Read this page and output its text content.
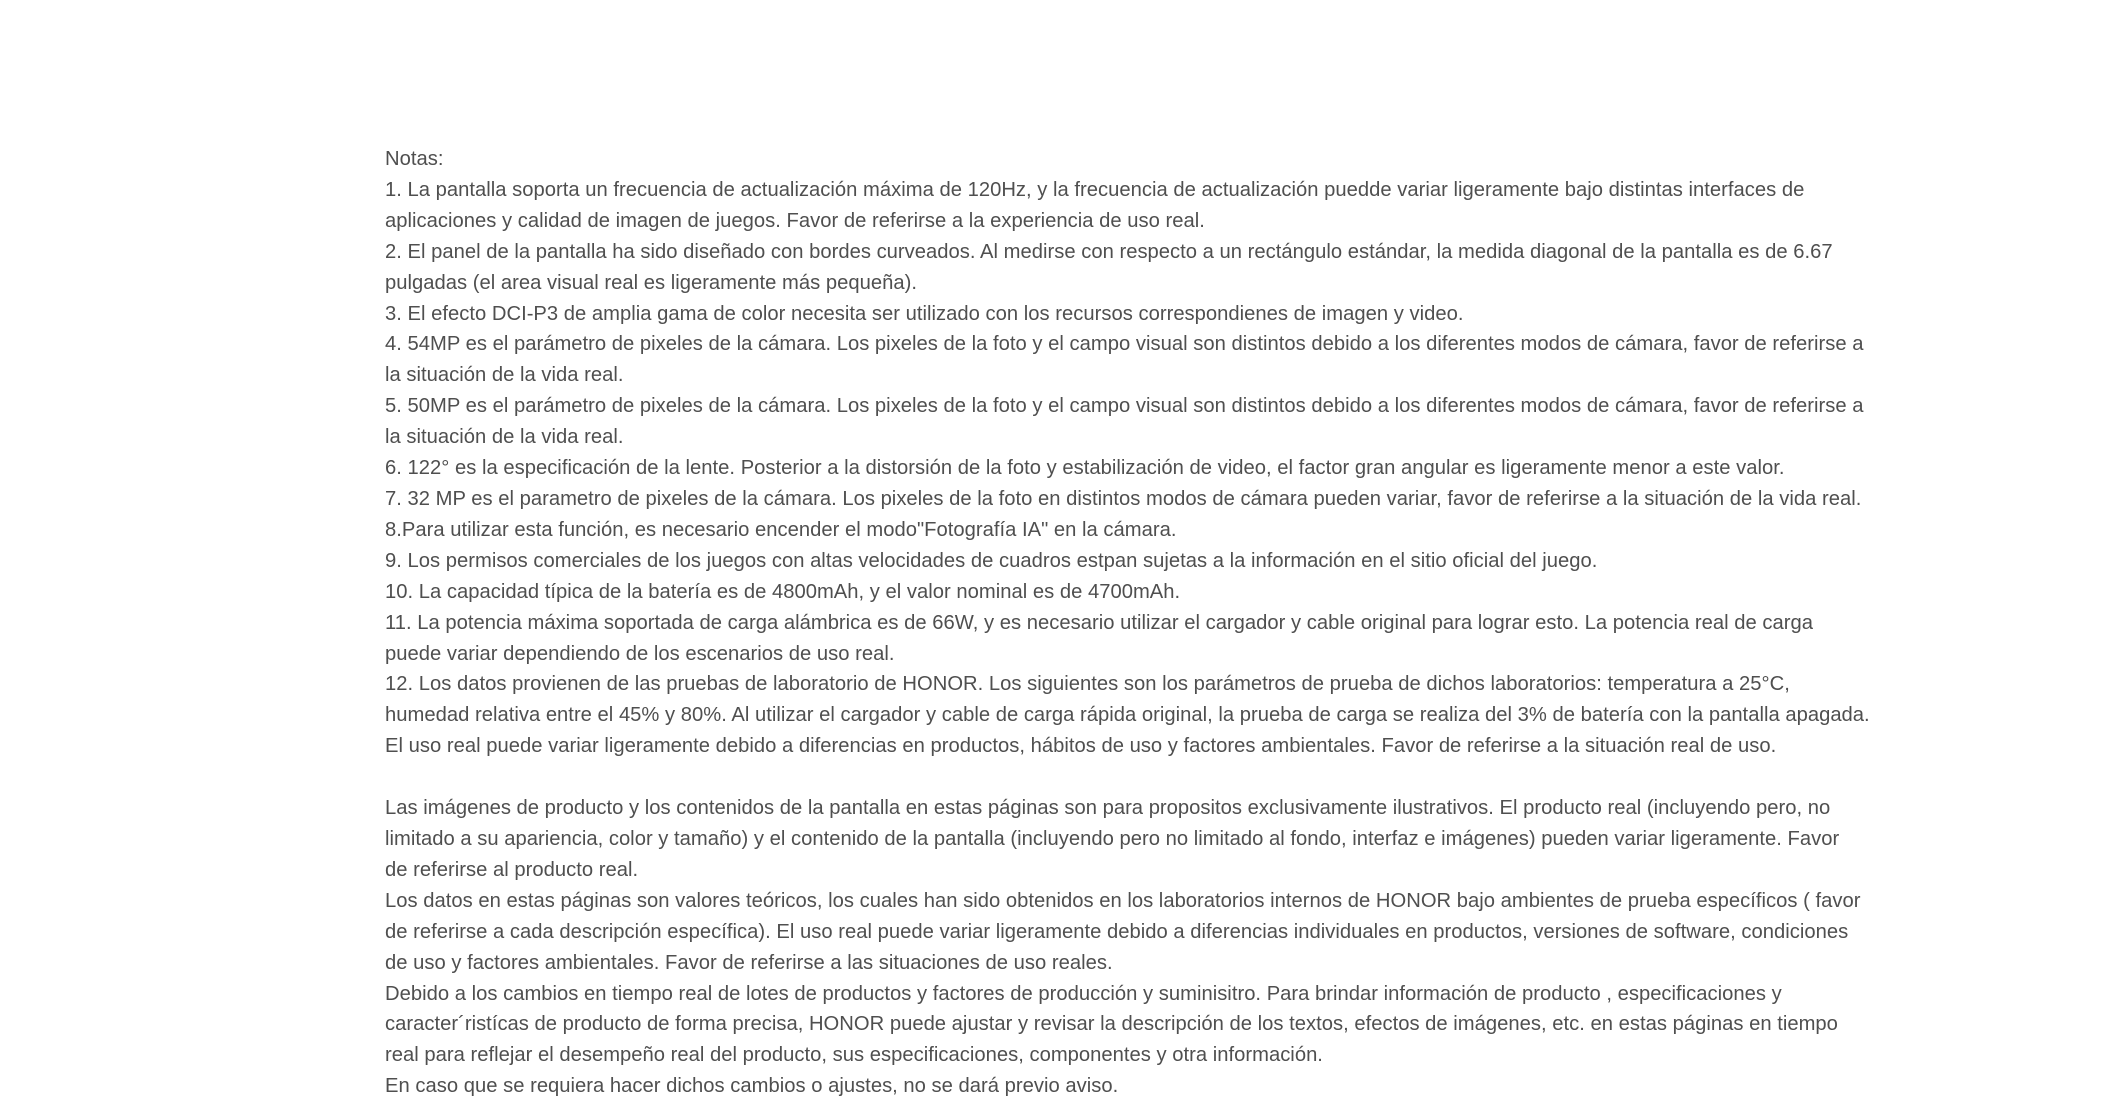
Notas:

1. La pantalla soporta un frecuencia de actualización máxima de 120Hz, y la frecuencia de actualización puedde variar ligeramente bajo distintas interfaces de

aplicaciones y calidad de imagen de juegos. Favor de referirse a la experiencia de uso real.

2. El panel de la pantalla ha sido diseñado con bordes curveados. Al medirse con respecto a un rectángulo estándar, la medida diagonal de la pantalla es de 6.67

pulgadas (el area visual real es ligeramente más pequeña).

3. El efecto DCI-P3 de amplia gama de color necesita ser utilizado con los recursos correspondienes de imagen y video.

4. 54MP es el parámetro de pixeles de la cámara. Los pixeles de la foto y el campo visual son distintos debido a los diferentes modos de cámara, favor de referirse a

la situación de la vida real.

5. 50MP es el parámetro de pixeles de la cámara. Los pixeles de la foto y el campo visual son distintos debido a los diferentes modos de cámara, favor de referirse a

la situación de la vida real.

6. 122° es la especificación de la lente. Posterior a la distorsión de la foto y estabilización de video, el factor gran angular es ligeramente menor a este valor.

7. 32 MP es el parametro de pixeles de la cámara. Los pixeles de la foto en distintos modos de cámara pueden variar, favor de referirse a la situación de la vida real.

8.Para utilizar esta función, es necesario encender el modo"Fotografía IA" en la cámara.

9. Los permisos comerciales de los juegos con altas velocidades de cuadros estpan sujetas a la información en el sitio oficial del juego.

10. La capacidad típica de la batería es de 4800mAh, y el valor nominal es de 4700mAh.

11. La potencia máxima soportada de carga alámbrica es de 66W, y es necesario utilizar el cargador y cable original para lograr esto. La potencia real de carga

puede variar dependiendo de los escenarios de uso real.

12. Los datos provienen de las pruebas de laboratorio de HONOR. Los siguientes son los parámetros de prueba de dichos laboratorios: temperatura a 25°C,

humedad relativa entre el 45% y 80%. Al utilizar el cargador y cable de carga rápida original, la prueba de carga se realiza del 3% de batería con la pantalla apagada.

El uso real puede variar ligeramente debido a diferencias en productos, hábitos de uso y factores ambientales. Favor de referirse a la situación real de uso.

Las imágenes de producto y los contenidos de la pantalla en estas páginas son para propositos exclusivamente ilustrativos. El producto real (incluyendo pero, no

limitado a su apariencia, color y tamaño) y el contenido de la pantalla (incluyendo pero no limitado al fondo, interfaz e imágenes) pueden variar ligeramente. Favor

de referirse al producto real.

Los datos en estas páginas son valores teóricos, los cuales han sido obtenidos en los laboratorios internos de HONOR bajo ambientes de prueba específicos ( favor

de referirse a cada descripción específica). El uso real puede variar ligeramente debido a diferencias individuales en productos, versiones de software, condiciones

de uso y factores ambientales. Favor de referirse a las situaciones de uso reales.

Debido a los cambios en tiempo real de lotes de productos y factores de producción y suminisitro. Para brindar información de producto , especificaciones y

caracter´ristícas de producto de forma precisa, HONOR puede ajustar y revisar la descripción de los textos, efectos de imágenes, etc. en estas páginas en tiempo

real para reflejar el desempeño real del producto, sus especificaciones, componentes y otra información.

En caso que se requiera hacer dichos cambios o ajustes, no se dará previo aviso.
